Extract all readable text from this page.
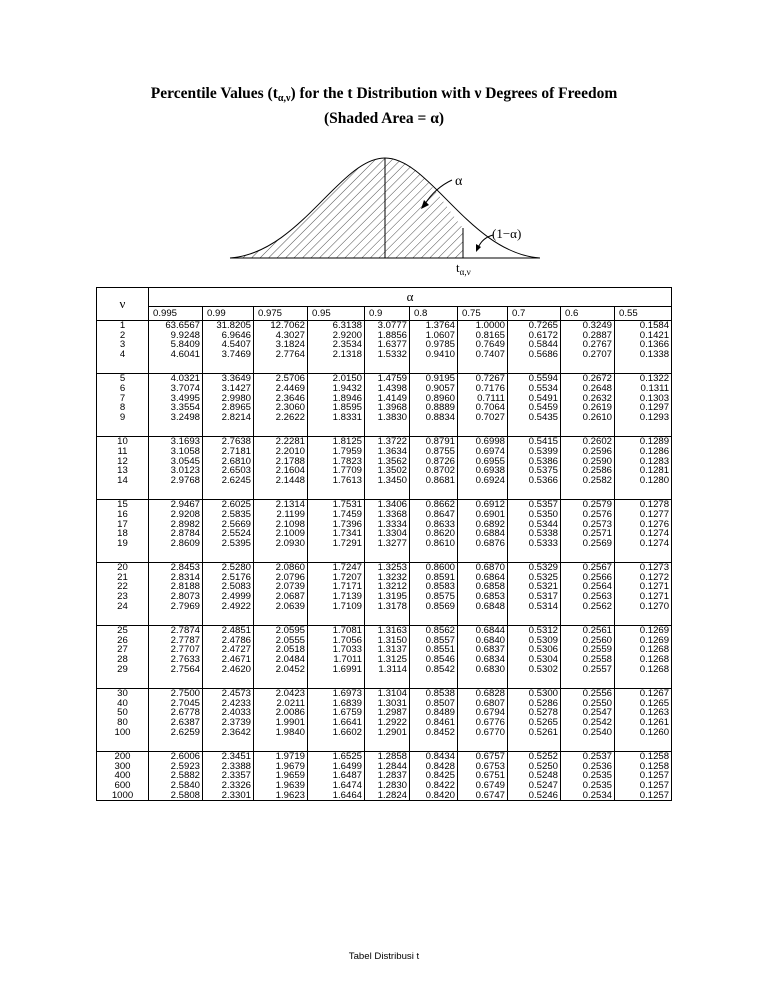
Percentile Values $(t_{\alpha,\nu})$ for the t Distribution with ν Degrees of Freedom
(Shaded Area = α)
α
(1−α)
$t_{\alpha,\nu}$
ν	α									
	0.995	0.99	0.975	0.95	0.9	0.8	0.75	0.7	0.6	0.55
1	63.6567	31.8205	12.7062	6.3138	3.0777	1.3764	1.0000	0.7265	0.3249	0.1584
2	9.9248	6.9646	4.3027	2.9200	1.8856	1.0607	0.8165	0.6172	0.2887	0.1421
3	5.8409	4.5407	3.1824	2.3534	1.6377	0.9785	0.7649	0.5844	0.2767	0.1366
4	4.6041	3.7469	2.7764	2.1318	1.5332	0.9410	0.7407	0.5686	0.2707	0.1338

5	4.0321	3.3649	2.5706	2.0150	1.4759	0.9195	0.7267	0.5594	0.2672	0.1322
6	3.7074	3.1427	2.4469	1.9432	1.4398	0.9057	0.7176	0.5534	0.2648	0.1311
7	3.4995	2.9980	2.3646	1.8946	1.4149	0.8960	0.7111	0.5491	0.2632	0.1303
8	3.3554	2.8965	2.3060	1.8595	1.3968	0.8889	0.7064	0.5459	0.2619	0.1297
9	3.2498	2.8214	2.2622	1.8331	1.3830	0.8834	0.7027	0.5435	0.2610	0.1293

10	3.1693	2.7638	2.2281	1.8125	1.3722	0.8791	0.6998	0.5415	0.2602	0.1289
11	3.1058	2.7181	2.2010	1.7959	1.3634	0.8755	0.6974	0.5399	0.2596	0.1286
12	3.0545	2.6810	2.1788	1.7823	1.3562	0.8726	0.6955	0.5386	0.2590	0.1283
13	3.0123	2.6503	2.1604	1.7709	1.3502	0.8702	0.6938	0.5375	0.2586	0.1281
14	2.9768	2.6245	2.1448	1.7613	1.3450	0.8681	0.6924	0.5366	0.2582	0.1280

15	2.9467	2.6025	2.1314	1.7531	1.3406	0.8662	0.6912	0.5357	0.2579	0.1278
16	2.9208	2.5835	2.1199	1.7459	1.3368	0.8647	0.6901	0.5350	0.2576	0.1277
17	2.8982	2.5669	2.1098	1.7396	1.3334	0.8633	0.6892	0.5344	0.2573	0.1276
18	2.8784	2.5524	2.1009	1.7341	1.3304	0.8620	0.6884	0.5338	0.2571	0.1274
19	2.8609	2.5395	2.0930	1.7291	1.3277	0.8610	0.6876	0.5333	0.2569	0.1274

20	2.8453	2.5280	2.0860	1.7247	1.3253	0.8600	0.6870	0.5329	0.2567	0.1273
21	2.8314	2.5176	2.0796	1.7207	1.3232	0.8591	0.6864	0.5325	0.2566	0.1272
22	2.8188	2.5083	2.0739	1.7171	1.3212	0.8583	0.6858	0.5321	0.2564	0.1271
23	2.8073	2.4999	2.0687	1.7139	1.3195	0.8575	0.6853	0.5317	0.2563	0.1271
24	2.7969	2.4922	2.0639	1.7109	1.3178	0.8569	0.6848	0.5314	0.2562	0.1270

25	2.7874	2.4851	2.0595	1.7081	1.3163	0.8562	0.6844	0.5312	0.2561	0.1269
26	2.7787	2.4786	2.0555	1.7056	1.3150	0.8557	0.6840	0.5309	0.2560	0.1269
27	2.7707	2.4727	2.0518	1.7033	1.3137	0.8551	0.6837	0.5306	0.2559	0.1268
28	2.7633	2.4671	2.0484	1.7011	1.3125	0.8546	0.6834	0.5304	0.2558	0.1268
29	2.7564	2.4620	2.0452	1.6991	1.3114	0.8542	0.6830	0.5302	0.2557	0.1268

30	2.7500	2.4573	2.0423	1.6973	1.3104	0.8538	0.6828	0.5300	0.2556	0.1267
40	2.7045	2.4233	2.0211	1.6839	1.3031	0.8507	0.6807	0.5286	0.2550	0.1265
50	2.6778	2.4033	2.0086	1.6759	1.2987	0.8489	0.6794	0.5278	0.2547	0.1263
80	2.6387	2.3739	1.9901	1.6641	1.2922	0.8461	0.6776	0.5265	0.2542	0.1261
100	2.6259	2.3642	1.9840	1.6602	1.2901	0.8452	0.6770	0.5261	0.2540	0.1260

200	2.6006	2.3451	1.9719	1.6525	1.2858	0.8434	0.6757	0.5252	0.2537	0.1258
300	2.5923	2.3388	1.9679	1.6499	1.2844	0.8428	0.6753	0.5250	0.2536	0.1258
400	2.5882	2.3357	1.9659	1.6487	1.2837	0.8425	0.6751	0.5248	0.2535	0.1257
600	2.5840	2.3326	1.9639	1.6474	1.2830	0.8422	0.6749	0.5247	0.2535	0.1257
1000	2.5808	2.3301	1.9623	1.6464	1.2824	0.8420	0.6747	0.5246	0.2534	0.1257
Tabel Distribusi t
